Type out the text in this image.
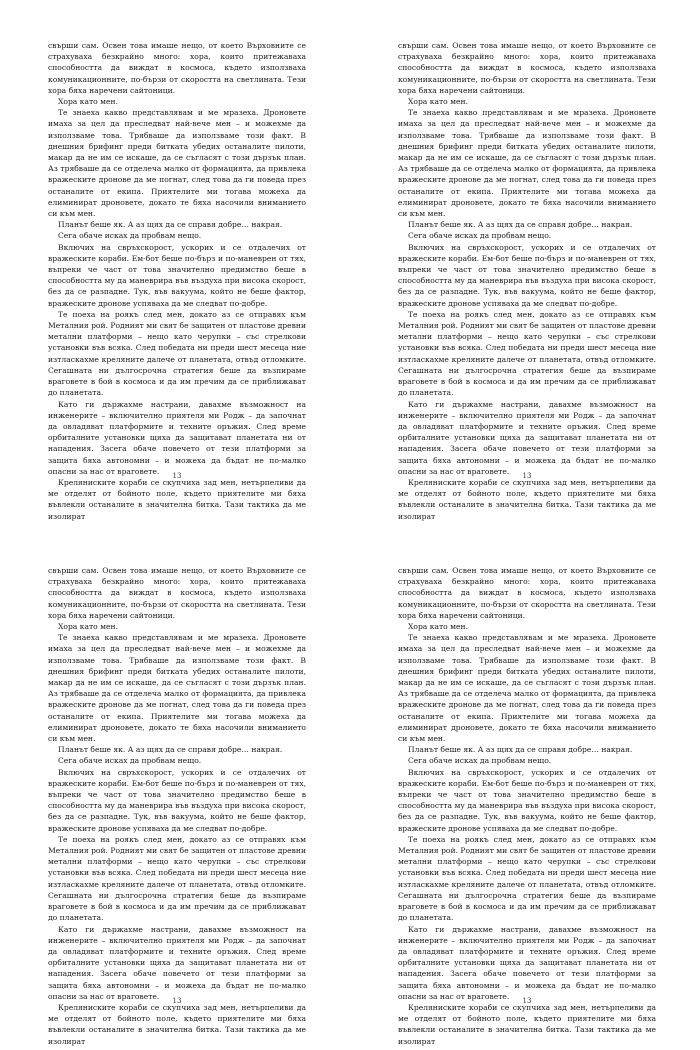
свърши сам. Освен това имаше нещо, от което Върховните се страхуваха безкрайно много: хора, които притежаваха способността да виждат в космоса, където използваха комуникационните, по-бързи от скоростта на светлината. Тези хора бяха наречени сайтоници.

Хора като мен.

Те знаеха какво представлявам и ме мразеха. Дроновете имаха за цел да преследват най-вече мен – и можехме да използваме това. Трябваше да използваме този факт. В днешния брифинг преди битката убедих останалите пилоти, макар да не им се искаше, да се съгласят с този дързък план. Аз трябваше да се отделеча малко от формацията, да привлека вражеските дронове да ме погнат, след това да ги поведа през останалите от екипа. Приятелите ми тогава можеха да елиминират дроновете, докато те бяха насочили вниманието си към мен.

Планът беше як. А аз щях да се справя добре… накрая.

Сега обаче исках да пробвам нещо.

Включих на свръхскорост, ускорих и се отдалечих от вражеските кораби. Ем-бот беше по-бърз и по-маневрен от тях, въпреки че част от това значително предимство беше в способността му да маневрира във въздуха при висока скорост, без да се разпадне. Тук, във вакуума, който не беше фактор, вражеските дронове успяваха да ме следват по-добре.

Те поеха на роякъ след мен, докато аз се отправях към Металния рой. Родният ми свят бе защитен от пластове древни метални платформи – нещо като черупки – със стрелкови установки във всяка. След победата ни преди шест месеца ние изтласкахме креляните далече от планетата, отвъд отломките. Сегашната ни дългосрочна стратегия беше да възпираме враговете в бой в космоса и да им пречим да се приближават до планетата.

Като ги държахме настрани, давахме възможност на инженерите – включително приятеля ми Родж – да започнат да овладяват платформите и техните оръжия. След време орбиталните установки щяха да защитават планетата ни от нападения. Засега обаче повечето от тези платформи за защита бяха автономни – и можеха да бъдат не по-малко опасни за нас от враговете.

Креляниските кораби се скупчиха зад мен, нетърпеливи да ме отделят от бойното поле, където приятелите ми бяха въвлекли останалите в значителна битка. Тази тактика да ме изолират

13

свърши сам. Освен това имаше нещо, от което Върховните се страхуваха безкрайно много: хора, които притежаваха способността да виждат в космоса, където използваха комуникационните, по-бързи от скоростта на светлината. Тези хора бяха наречени сайтоници.

Хора като мен.

Те знаеха какво представлявам и ме мразеха. Дроновете имаха за цел да преследват най-вече мен – и можехме да използваме това. Трябваше да използваме този факт. В днешния брифинг преди битката убедих останалите пилоти, макар да не им се искаше, да се съгласят с този дързък план. Аз трябваше да се отделеча малко от формацията, да привлека вражеските дронове да ме погнат, след това да ги поведа през останалите от екипа. Приятелите ми тогава можеха да елиминират дроновете, докато те бяха насочили вниманието си към мен.

Планът беше як. А аз щях да се справя добре… накрая.

Сега обаче исках да пробвам нещо.

Включих на свръхскорост, ускорих и се отдалечих от вражеските кораби. Ем-бот беше по-бърз и по-маневрен от тях, въпреки че част от това значително предимство беше в способността му да маневрира във въздуха при висока скорост, без да се разпадне. Тук, във вакуума, който не беше фактор, вражеските дронове успяваха да ме следват по-добре.

Те поеха на роякъ след мен, докато аз се отправях към Металния рой. Родният ми свят бе защитен от пластове древни метални платформи – нещо като черупки – със стрелкови установки във всяка. След победата ни преди шест месеца ние изтласкахме креляните далече от планетата, отвъд отломките. Сегашната ни дългосрочна стратегия беше да възпираме враговете в бой в космоса и да им пречим да се приближават до планетата.

Като ги държахме настрани, давахме възможност на инженерите – включително приятеля ми Родж – да започнат да овладяват платформите и техните оръжия. След време орбиталните установки щяха да защитават планетата ни от нападения. Засега обаче повечето от тези платформи за защита бяха автономни – и можеха да бъдат не по-малко опасни за нас от враговете.

Креляниските кораби се скупчиха зад мен, нетърпеливи да ме отделят от бойното поле, където приятелите ми бяха въвлекли останалите в значителна битка. Тази тактика да ме изолират

13

свърши сам. Освен това имаше нещо, от което Върховните се страхуваха безкрайно много: хора, които притежаваха способността да виждат в космоса, където използваха комуникационните, по-бързи от скоростта на светлината. Тези хора бяха наречени сайтоници.

Хора като мен.

Те знаеха какво представлявам и ме мразеха. Дроновете имаха за цел да преследват най-вече мен – и можехме да използваме това. Трябваше да използваме този факт. В днешния брифинг преди битката убедих останалите пилоти, макар да не им се искаше, да се съгласят с този дързък план. Аз трябваше да се отделеча малко от формацията, да привлека вражеските дронове да ме погнат, след това да ги поведа през останалите от екипа. Приятелите ми тогава можеха да елиминират дроновете, докато те бяха насочили вниманието си към мен.

Планът беше як. А аз щях да се справя добре… накрая.

Сега обаче исках да пробвам нещо.

Включих на свръхскорост, ускорих и се отдалечих от вражеските кораби. Ем-бот беше по-бърз и по-маневрен от тях, въпреки че част от това значително предимство беше в способността му да маневрира във въздуха при висока скорост, без да се разпадне. Тук, във вакуума, който не беше фактор, вражеските дронове успяваха да ме следват по-добре.

Те поеха на роякъ след мен, докато аз се отправях към Металния рой. Родният ми свят бе защитен от пластове древни метални платформи – нещо като черупки – със стрелкови установки във всяка. След победата ни преди шест месеца ние изтласкахме креляните далече от планетата, отвъд отломките. Сегашната ни дългосрочна стратегия беше да възпираме враговете в бой в космоса и да им пречим да се приближават до планетата.

Като ги държахме настрани, давахме възможност на инженерите – включително приятеля ми Родж – да започнат да овладяват платформите и техните оръжия. След време орбиталните установки щяха да защитават планетата ни от нападения. Засега обаче повечето от тези платформи за защита бяха автономни – и можеха да бъдат не по-малко опасни за нас от враговете.

Креляниските кораби се скупчиха зад мен, нетърпеливи да ме отделят от бойното поле, където приятелите ми бяха въвлекли останалите в значителна битка. Тази тактика да ме изолират

13

свърши сам. Освен това имаше нещо, от което Върховните се страхуваха безкрайно много: хора, които притежаваха способността да виждат в космоса, където използваха комуникационните, по-бързи от скоростта на светлината. Тези хора бяха наречени сайтоници.

Хора като мен.

Те знаеха какво представлявам и ме мразеха. Дроновете имаха за цел да преследват най-вече мен – и можехме да използваме това. Трябваше да използваме този факт. В днешния брифинг преди битката убедих останалите пилоти, макар да не им се искаше, да се съгласят с този дързък план. Аз трябваше да се отделеча малко от формацията, да привлека вражеските дронове да ме погнат, след това да ги поведа през останалите от екипа. Приятелите ми тогава можеха да елиминират дроновете, докато те бяха насочили вниманието си към мен.

Планът беше як. А аз щях да се справя добре… накрая.

Сега обаче исках да пробвам нещо.

Включих на свръхскорост, ускорих и се отдалечих от вражеските кораби. Ем-бот беше по-бърз и по-маневрен от тях, въпреки че част от това значително предимство беше в способността му да маневрира във въздуха при висока скорост, без да се разпадне. Тук, във вакуума, който не беше фактор, вражеските дронове успяваха да ме следват по-добре.

Те поеха на роякъ след мен, докато аз се отправях към Металния рой. Родният ми свят бе защитен от пластове древни метални платформи – нещо като черупки – със стрелкови установки във всяка. След победата ни преди шест месеца ние изтласкахме креляните далече от планетата, отвъд отломките. Сегашната ни дългосрочна стратегия беше да възпираме враговете в бой в космоса и да им пречим да се приближават до планетата.

Като ги държахме настрани, давахме възможност на инженерите – включително приятеля ми Родж – да започнат да овладяват платформите и техните оръжия. След време орбиталните установки щяха да защитават планетата ни от нападения. Засега обаче повечето от тези платформи за защита бяха автономни – и можеха да бъдат не по-малко опасни за нас от враговете.

Креляниските кораби се скупчиха зад мен, нетърпеливи да ме отделят от бойното поле, където приятелите ми бяха въвлекли останалите в значителна битка. Тази тактика да ме изолират

13
